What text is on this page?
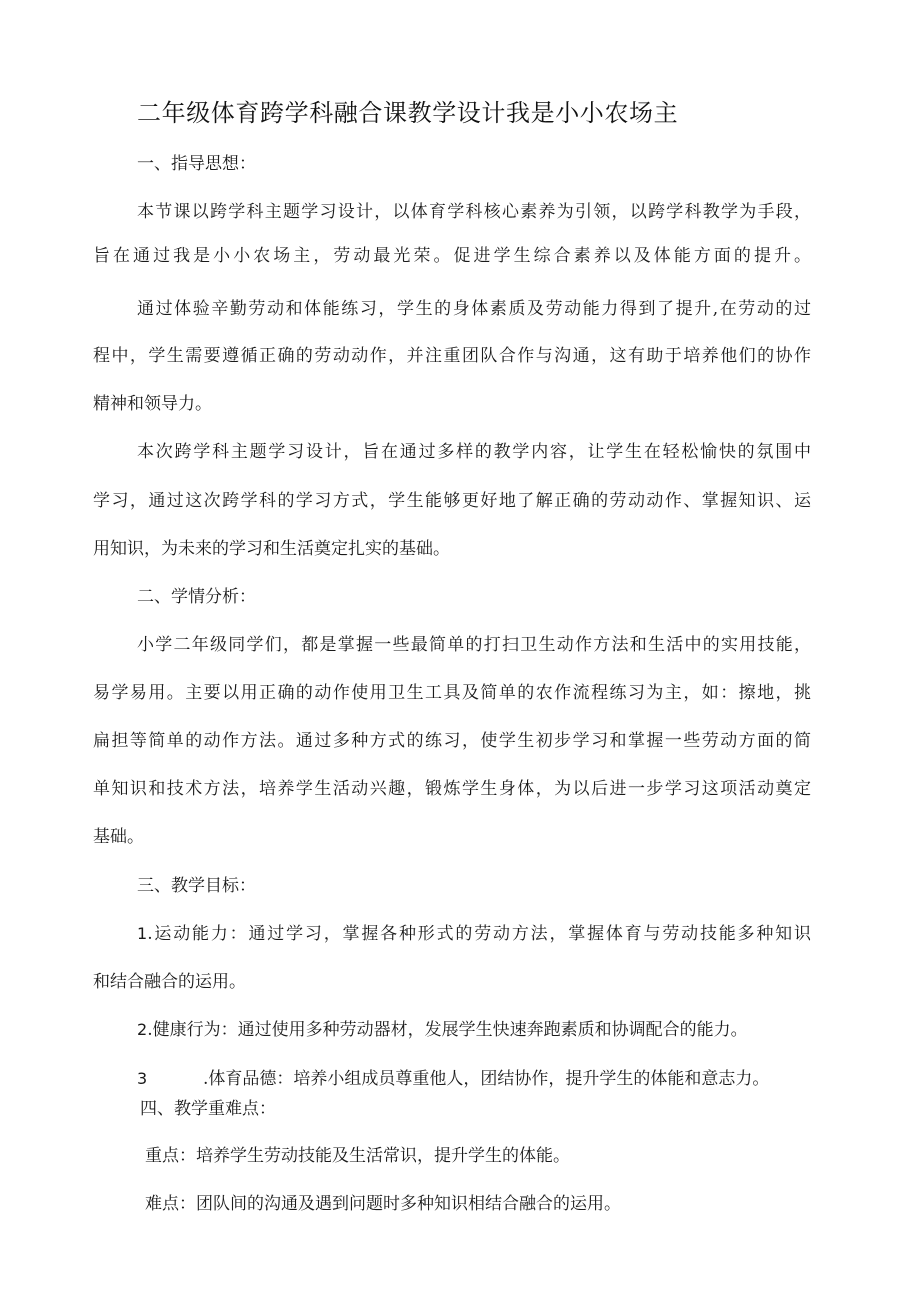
二年级体育跨学科融合课教学设计我是小小农场主
一、指导思想：
本节课以跨学科主题学习设计，以体育学科核心素养为引领，以跨学科教学为手段，
旨在通过我是小小农场主，劳动最光荣。促进学生综合素养以及体能方面的提升。
通过体验辛勤劳动和体能练习，学生的身体素质及劳动能力得到了提升,在劳动的过
程中，学生需要遵循正确的劳动动作，并注重团队合作与沟通，这有助于培养他们的协作
精神和领导力。
本次跨学科主题学习设计，旨在通过多样的教学内容，让学生在轻松愉快的氛围中
学习，通过这次跨学科的学习方式，学生能够更好地了解正确的劳动动作、掌握知识、运
用知识，为未来的学习和生活奠定扎实的基础。
二、学情分析：
小学二年级同学们，都是掌握一些最简单的打扫卫生动作方法和生活中的实用技能，
易学易用。主要以用正确的动作使用卫生工具及简单的农作流程练习为主，如：擦地，挑
扁担等简单的动作方法。通过多种方式的练习，使学生初步学习和掌握一些劳动方面的简
单知识和技术方法，培养学生活动兴趣，锻炼学生身体，为以后进一步学习这项活动奠定
基础。
三、教学目标：
1.运动能力：通过学习，掌握各种形式的劳动方法，掌握体育与劳动技能多种知识
和结合融合的运用。
2.健康行为：通过使用多种劳动器材，发展学生快速奔跑素质和协调配合的能力。
3	.体育品德：培养小组成员尊重他人，团结协作，提升学生的体能和意志力。
四、教学重难点：
重点：培养学生劳动技能及生活常识，提升学生的体能。
难点：团队间的沟通及遇到问题时多种知识相结合融合的运用。
